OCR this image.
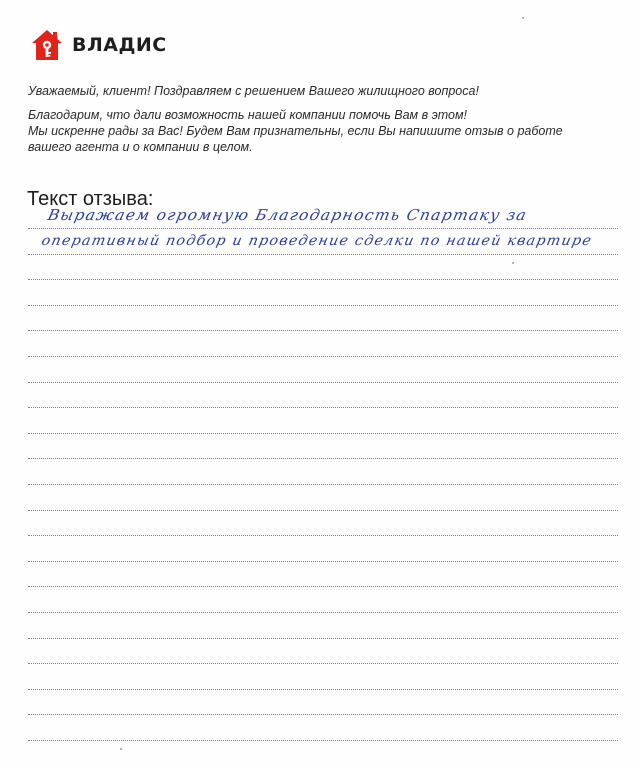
ВЛАДИС

Уважаемый, клиент! Поздравляем с решением Вашего жилищного вопроса!

Благодарим, что дали возможность нашей компании помочь Вам в этом!

Мы искренне рады за Вас! Будем Вам признательны, если Вы напишите отзыв о работе

вашего агента и о компании в целом.

Текст отзыва:
Выражаем огромную Благодарность Спартаку за
оперативный подбор и проведение сделки по нашей квартире
